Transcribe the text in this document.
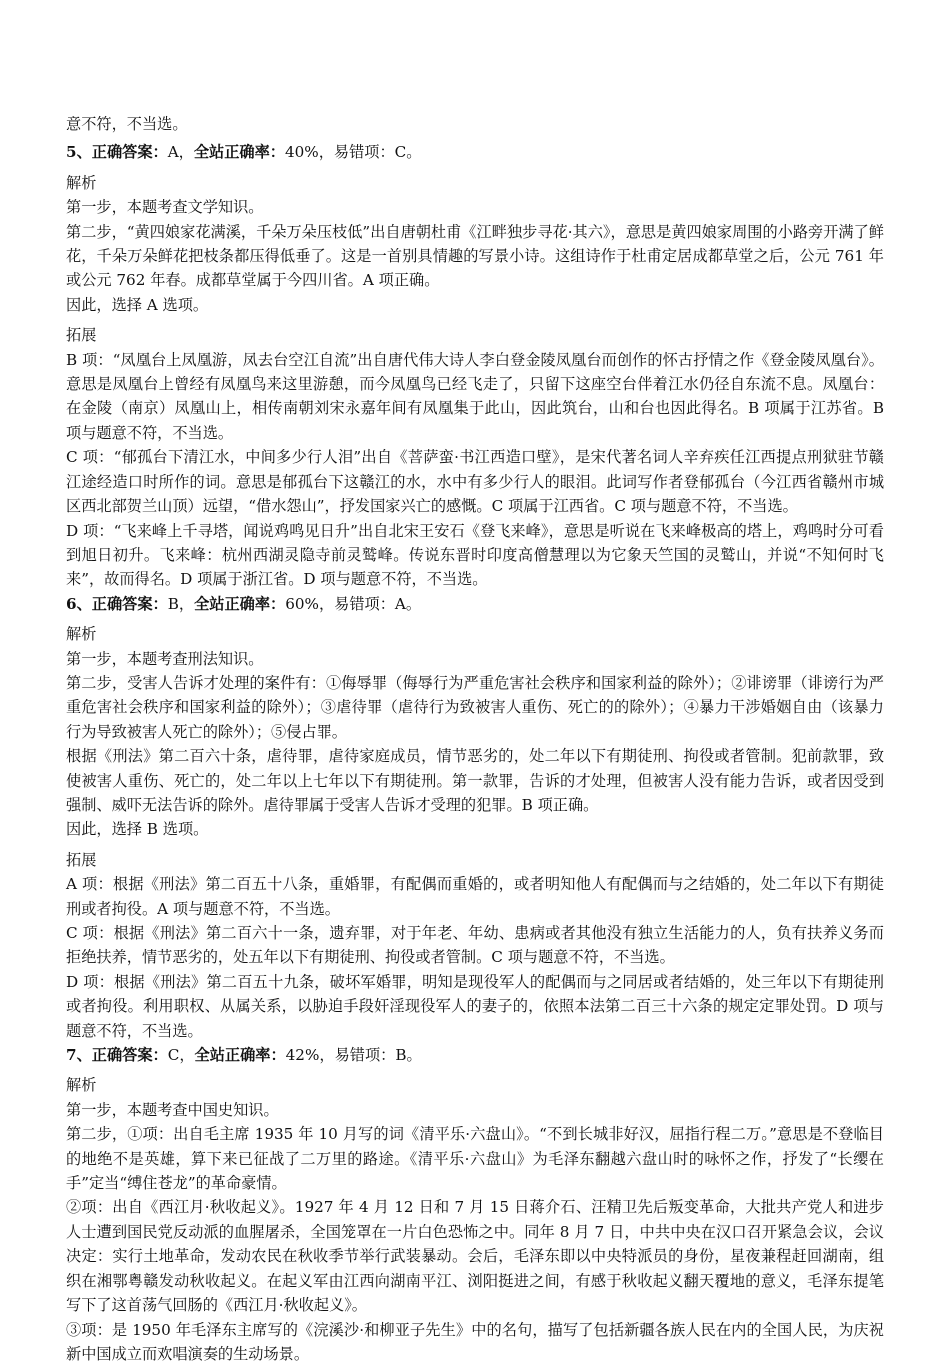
意不符，不当选。

5、正确答案：A，全站正确率：40%，易错项：C。

解析

第一步，本题考查文学知识。

第二步，“黄四娘家花满溪，千朵万朵压枝低”出自唐朝杜甫《江畔独步寻花·其六》，意思是黄四娘家周围的小路旁开满了鲜花，千朵万朵鲜花把枝条都压得低垂了。这是一首别具情趣的写景小诗。这组诗作于杜甫定居成都草堂之后，公元 761 年或公元 762 年春。成都草堂属于今四川省。A 项正确。

因此，选择 A 选项。

拓展

B 项：“凤凰台上凤凰游，凤去台空江自流”出自唐代伟大诗人李白登金陵凤凰台而创作的怀古抒情之作《登金陵凤凰台》。意思是凤凰台上曾经有凤凰鸟来这里游憩，而今凤凰鸟已经飞走了，只留下这座空台伴着江水仍径自东流不息。凤凰台：在金陵（南京）凤凰山上，相传南朝刘宋永嘉年间有凤凰集于此山，因此筑台，山和台也因此得名。B 项属于江苏省。B 项与题意不符，不当选。

C 项：“郁孤台下清江水，中间多少行人泪”出自《菩萨蛮·书江西造口壁》，是宋代著名词人辛弃疾任江西提点刑狱驻节赣江途经造口时所作的词。意思是郁孤台下这赣江的水，水中有多少行人的眼泪。此词写作者登郁孤台（今江西省赣州市城区西北部贺兰山顶）远望，“借水怨山”，抒发国家兴亡的感慨。C 项属于江西省。C 项与题意不符，不当选。

D 项：“飞来峰上千寻塔，闻说鸡鸣见日升”出自北宋王安石《登飞来峰》，意思是听说在飞来峰极高的塔上，鸡鸣时分可看到旭日初升。飞来峰：杭州西湖灵隐寺前灵鹫峰。传说东晋时印度高僧慧理以为它象天竺国的灵鹫山，并说“不知何时飞来”，故而得名。D 项属于浙江省。D 项与题意不符，不当选。

6、正确答案：B，全站正确率：60%，易错项：A。

解析

第一步，本题考查刑法知识。

第二步，受害人告诉才处理的案件有：①侮辱罪（侮辱行为严重危害社会秩序和国家利益的除外）；②诽谤罪（诽谤行为严重危害社会秩序和国家利益的除外）；③虐待罪（虐待行为致被害人重伤、死亡的的除外）；④暴力干涉婚姻自由（该暴力行为导致被害人死亡的除外）；⑤侵占罪。

根据《刑法》第二百六十条，虐待罪，虐待家庭成员，情节恶劣的，处二年以下有期徒刑、拘役或者管制。犯前款罪，致使被害人重伤、死亡的，处二年以上七年以下有期徒刑。第一款罪，告诉的才处理，但被害人没有能力告诉，或者因受到强制、威吓无法告诉的除外。虐待罪属于受害人告诉才受理的犯罪。B 项正确。

因此，选择 B 选项。

拓展

A 项：根据《刑法》第二百五十八条，重婚罪，有配偶而重婚的，或者明知他人有配偶而与之结婚的，处二年以下有期徒刑或者拘役。A 项与题意不符，不当选。

C 项：根据《刑法》第二百六十一条，遗弃罪，对于年老、年幼、患病或者其他没有独立生活能力的人，负有扶养义务而拒绝扶养，情节恶劣的，处五年以下有期徒刑、拘役或者管制。C 项与题意不符，不当选。

D 项：根据《刑法》第二百五十九条，破坏军婚罪，明知是现役军人的配偶而与之同居或者结婚的，处三年以下有期徒刑或者拘役。利用职权、从属关系，以胁迫手段奸淫现役军人的妻子的，依照本法第二百三十六条的规定定罪处罚。D 项与题意不符，不当选。

7、正确答案：C，全站正确率：42%，易错项：B。

解析

第一步，本题考查中国史知识。

第二步，①项：出自毛主席 1935 年 10 月写的词《清平乐·六盘山》。“不到长城非好汉，屈指行程二万。”意思是不登临目的地绝不是英雄，算下来已征战了二万里的路途。《清平乐·六盘山》为毛泽东翻越六盘山时的咏怀之作，抒发了“长缨在手”定当“缚住苍龙”的革命豪情。

②项：出自《西江月·秋收起义》。1927 年 4 月 12 日和 7 月 15 日蒋介石、汪精卫先后叛变革命，大批共产党人和进步人士遭到国民党反动派的血腥屠杀，全国笼罩在一片白色恐怖之中。同年 8 月 7 日，中共中央在汉口召开紧急会议，会议决定：实行土地革命，发动农民在秋收季节举行武装暴动。会后，毛泽东即以中央特派员的身份，星夜兼程赶回湖南，组织在湘鄂粤赣发动秋收起义。在起义军由江西向湖南平江、浏阳挺进之间，有感于秋收起义翻天覆地的意义，毛泽东提笔写下了这首荡气回肠的《西江月·秋收起义》。

③项：是 1950 年毛泽东主席写的《浣溪沙·和柳亚子先生》中的名句，描写了包括新疆各族人民在内的全国人民，为庆祝新中国成立而欢唱演奏的生动场景。
